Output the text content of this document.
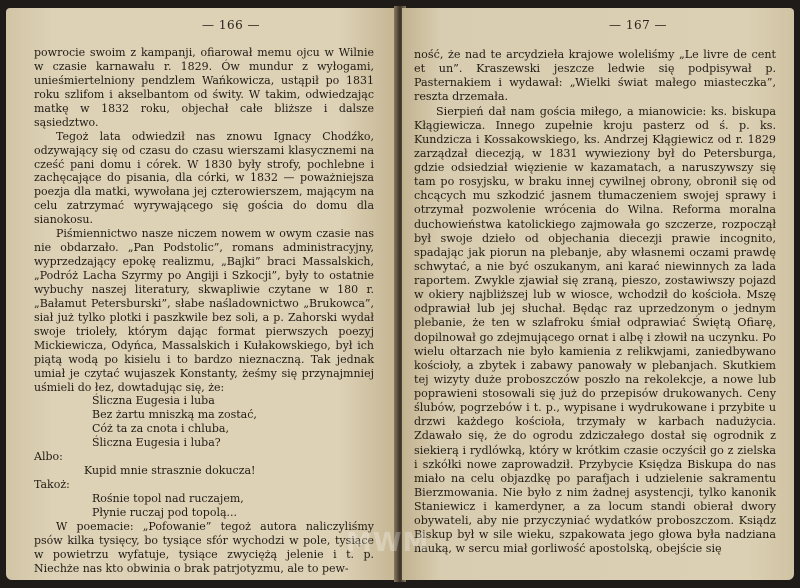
— 166 —

powrocie swoim z kampanji, ofiarował memu ojcu w Wilnie w czasie karnawału r. 1829. Ów mundur z wyłogami, unieśmiertelniony pendzlem Wańkowicza, ustąpił po 1831 roku szlifom i akselbantom od świty. W takim, odwiedzając matkę w 1832 roku, objechał całe bliższe i dalsze sąsiedztwo.

Tegoż lata odwiedził nas znowu Ignacy Chodźko, odzywający się od czasu do czasu wierszami klasycznemi na cześć pani domu i córek. W 1830 były strofy, pochlebne i zachęcające do pisania, dla córki, w 1832 — poważniejsza poezja dla matki, wywołana jej czterowierszem, mającym na celu zatrzymać wyrywającego się gościa do domu dla sianokosu.

Piśmiennictwo nasze niczem nowem w owym czasie nas nie obdarzało. „Pan Podstolic”, romans administracyjny, wyprzedzający epokę realizmu, „Bajki” braci Massalskich, „Podróż Lacha Szyrmy po Angiji i Szkocji”, były to ostatnie wybuchy naszej literatury, skwapliwie czytane w 180 r. „Bałamut Petersburski”, słabe naśladownictwo „Brukowca”, siał już tylko plotki i paszkwile bez soli, a p. Zahorski wydał swoje trioleły, którym dając format pierwszych poezyj Mickiewicza, Odyńca, Massalskich i Kułakowskiego, był ich piątą wodą po kisielu i to bardzo nieznaczną. Tak jednak umiał je czytać wujaszek Konstanty, żeśmy się przynajmniej uśmieli do łez, dowtadując się, że:

Śliczna Eugesia i luba
Bez żartu mniszką ma zostać,
Cóż ta za cnota i chluba,
Śliczna Eugesia i luba?

Albo:

Kupid mnie strasznie dokucza!

Takoż:

Rośnie topol nad ruczajem,
Płynie ruczaj pod topolą...

W poemacie: „Pofowanie” tegoż autora naliczyliśmy psów kilka tysięcy, bo tysiące sfór wychodzi w pole, tysiące w powietrzu wyfatuje, tysiące zwyciężą jelenie i t. p. Niechże nas kto obwinia o brak patrjotyzmu, ale to pew-

— 167 —

ność, że nad te arcydzieła krajowe woleliśmy „Le livre de cent et un”. Kraszewski jeszcze ledwie się podpisywał p. Pasternakiem i wydawał: „Wielki świat małego miasteczka”, reszta drzemała.

Sierpień dał nam gościa miłego, a mianowicie: ks. biskupa Kłągiewicza. Innego zupełnie kroju pasterz od ś. p. ks. Kundzicza i Kossakowskiego, ks. Andrzej Kłągiewicz od r. 1829 zarządzał diecezją, w 1831 wywieziony był do Petersburga, gdzie odsiedział więzienie w kazamatach, a naruszywszy się tam po rosyjsku, w braku innej cywilnej obrony, obronił się od chcących mu szkodzić jasnem tłumaczeniem swojej sprawy i otrzymał pozwolenie wrócenia do Wilna. Reforma moralna duchowieństwa katolickiego zajmowała go szczerze, rozpoczął był swoje dzieło od objechania diecezji prawie incognito, spadając jak piorun na plebanje, aby własnemi oczami prawdę schwytać, a nie być oszukanym, ani karać niewinnych za lada raportem. Zwykle zjawiał się zraną, pieszo, zostawiwszy pojazd w okiery najbliższej lub w wiosce, wchodził do kościoła. Mszę odprawiał lub jej słuchał. Będąc raz uprzedzonym o jednym plebanie, że ten w szlafroku śmiał odprawiać Świętą Ofiarę, dopilnował go zdejmującego ornat i albę i złowił na uczynku. Po wielu ołtarzach nie było kamienia z relikwjami, zaniedbywano kościoły, a zbytek i zabawy panowały w plebanjach. Skutkiem tej wizyty duże proboszczów poszło na rekolekcje, a nowe lub poprawieni stosowali się już do przepisów drukowanych. Ceny ślubów, pogrzebów i t. p., wypisane i wydrukowane i przybite u drzwi każdego kościoła, trzymały w karbach nadużycia. Zdawało się, że do ogrodu zdziczałego dostał się ogrodnik z siekierą i rydlówką, który w krótkim czasie oczyścił go z zielska i szkółki nowe zaprowadził. Przybycie Księdza Biskupa do nas miało na celu objazdkę po parafjach i udzielenie sakramentu Bierzmowania. Nie było z nim żadnej asystencji, tylko kanonik Staniewicz i kamerdyner, a za locum standi obierał dwory obywateli, aby nie przyczyniać wydatków proboszczom. Ksiądz Biskup był w sile wieku, szpakowata jego głowa była nadziana nauką, w sercu miał gorliwość apostolską, obejście się

MWM
